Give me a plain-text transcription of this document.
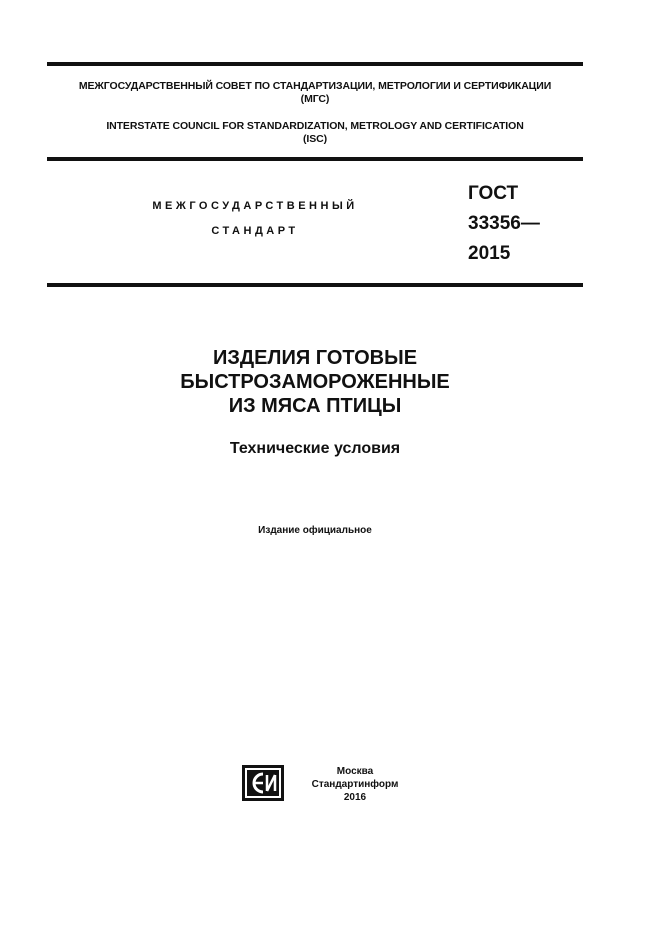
МЕЖГОСУДАРСТВЕННЫЙ СОВЕТ ПО СТАНДАРТИЗАЦИИ, МЕТРОЛОГИИ И СЕРТИФИКАЦИИ
(МГС)
INTERSTATE COUNCIL FOR STANDARDIZATION, METROLOGY AND CERTIFICATION
(ISC)
МЕЖГОСУДАРСТВЕННЫЙ
СТАНДАРТ
ГОСТ
33356—
2015
ИЗДЕЛИЯ ГОТОВЫЕ
БЫСТРОЗАМОРОЖЕННЫЕ
ИЗ МЯСА ПТИЦЫ
Технические условия
Издание официальное
Москва
Стандартинформ
2016
